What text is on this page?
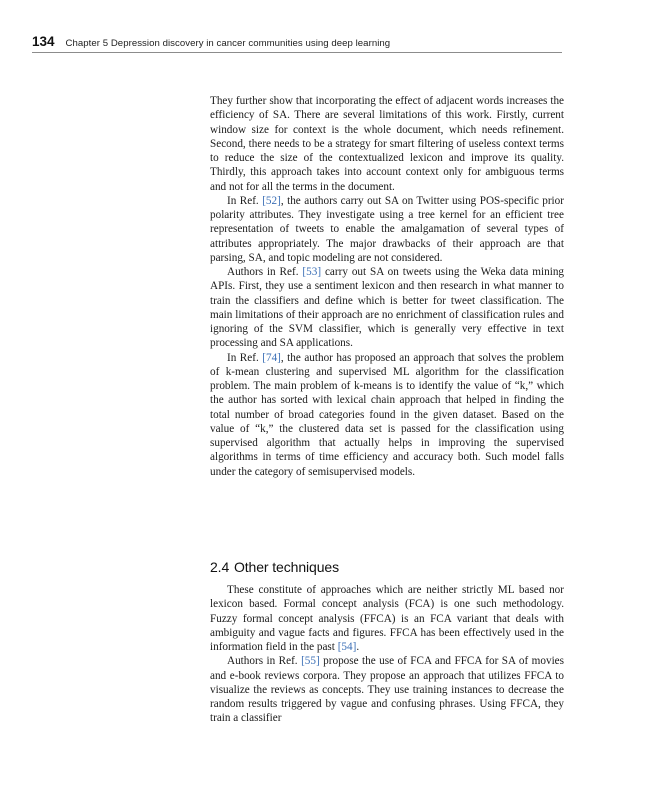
134 Chapter 5 Depression discovery in cancer communities using deep learning

They further show that incorporating the effect of adjacent words increases the efficiency of SA. There are several limitations of this work. Firstly, current window size for context is the whole document, which needs refinement. Second, there needs to be a strategy for smart filtering of useless context terms to reduce the size of the contextualized lexicon and improve its quality. Thirdly, this approach takes into account context only for ambiguous terms and not for all the terms in the document.

In Ref. [52], the authors carry out SA on Twitter using POS-specific prior polarity attributes. They investigate using a tree kernel for an efficient tree representation of tweets to enable the amalgamation of several types of attributes appropriately. The major drawbacks of their approach are that parsing, SA, and topic modeling are not considered.

Authors in Ref. [53] carry out SA on tweets using the Weka data mining APIs. First, they use a sentiment lexicon and then research in what manner to train the classifiers and define which is better for tweet classification. The main limitations of their approach are no enrichment of classification rules and ignoring of the SVM classifier, which is generally very effective in text processing and SA applications.

In Ref. [74], the author has proposed an approach that solves the problem of k-mean clustering and supervised ML algorithm for the classification problem. The main problem of k-means is to identify the value of “k,” which the author has sorted with lexical chain approach that helped in finding the total number of broad categories found in the given dataset. Based on the value of “k,” the clustered data set is passed for the classification using supervised algorithm that actually helps in improving the supervised algorithms in terms of time efficiency and accuracy both. Such model falls under the category of semisupervised models.

2.4 Other techniques

These constitute of approaches which are neither strictly ML based nor lexicon based. Formal concept analysis (FCA) is one such methodology. Fuzzy formal concept analysis (FFCA) is an FCA variant that deals with ambiguity and vague facts and figures. FFCA has been effectively used in the information field in the past [54].

Authors in Ref. [55] propose the use of FCA and FFCA for SA of movies and e-book reviews corpora. They propose an approach that utilizes FFCA to visualize the reviews as concepts. They use training instances to decrease the random results triggered by vague and confusing phrases. Using FFCA, they train a classifier
